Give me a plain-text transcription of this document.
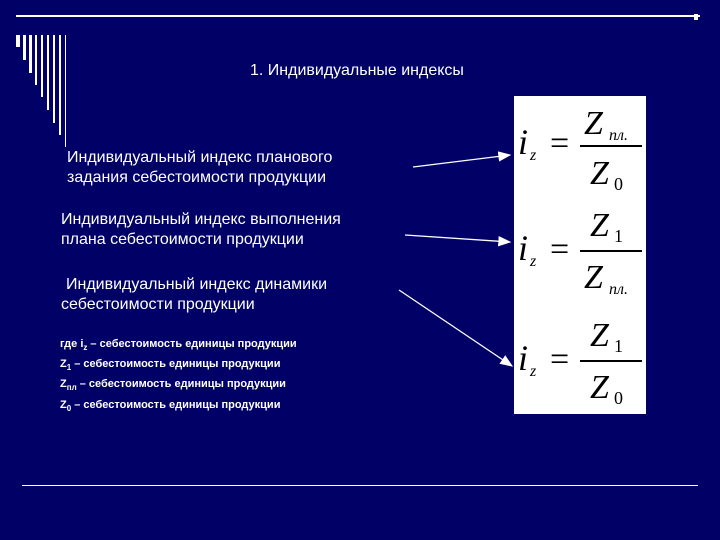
1. Индивидуальные индексы
Индивидуальный индекс планового
задания себестоимости продукции
Индивидуальный индекс выполнения
плана себестоимости продукции
Индивидуальный индекс динамики
себестоимости продукции
где $i_z$ – себестоимость единицы продукции
$Z_1$ – себестоимость единицы продукции
$Z_{пл}$ – себестоимость единицы продукции
$Z_0$ – себестоимость единицы продукции
i z =
Z пл.
Z 0
i z =
Z 1
Z пл.
i z =
Z 1
Z 0
